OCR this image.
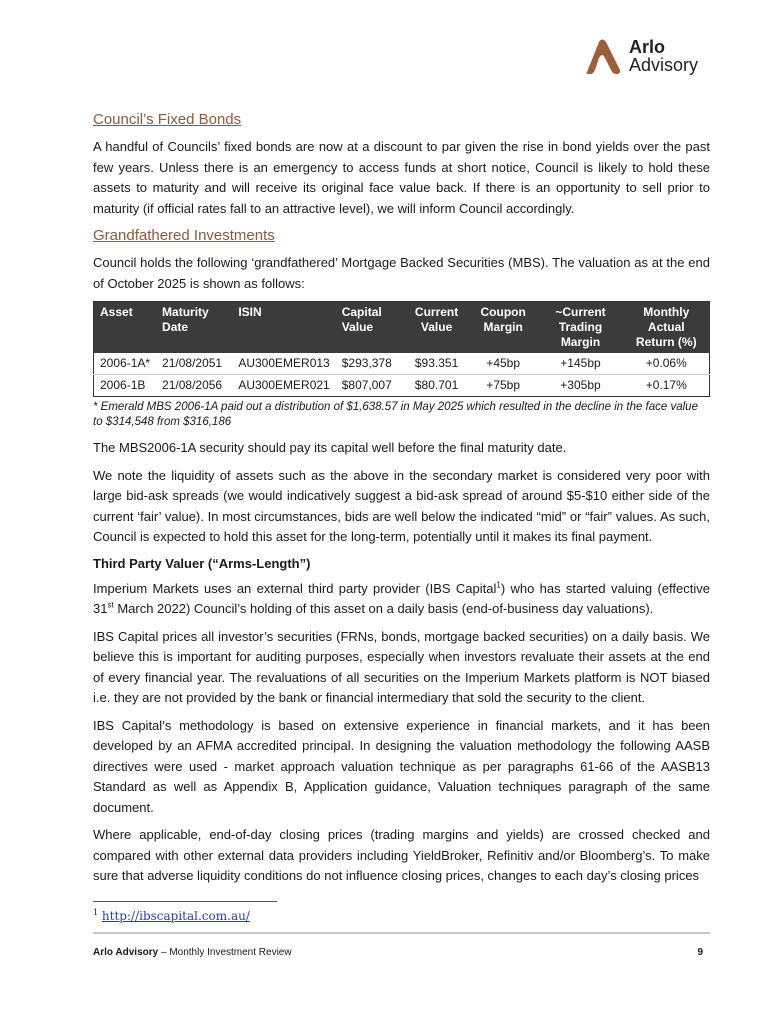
Arlo
Advisory
Council’s Fixed Bonds

A handful of Councils’ fixed bonds are now at a discount to par given the rise in bond yields over the past few years. Unless there is an emergency to access funds at short notice, Council is likely to hold these assets to maturity and will receive its original face value back. If there is an opportunity to sell prior to maturity (if official rates fall to an attractive level), we will inform Council accordingly.

Grandfathered Investments

Council holds the following ‘grandfathered’ Mortgage Backed Securities (MBS). The valuation as at the end of October 2025 is shown as follows:

Asset	Maturity Date	ISIN	Capital Value	Current Value	Coupon Margin	~Current Trading Margin	Monthly Actual Return (%)
2006-1A*	21/08/2051	AU300EMER013	$293,378	$93.351	+45bp	+145bp	+0.06%
2006-1B	21/08/2056	AU300EMER021	$807,007	$80.701	+75bp	+305bp	+0.17%
* Emerald MBS 2006-1A paid out a distribution of $1,638.57 in May 2025 which resulted in the decline in the face value to $314,548 from $316,186

The MBS2006-1A security should pay its capital well before the final maturity date.

We note the liquidity of assets such as the above in the secondary market is considered very poor with large bid-ask spreads (we would indicatively suggest a bid-ask spread of around $5-$10 either side of the current ‘fair’ value). In most circumstances, bids are well below the indicated “mid” or “fair” values. As such, Council is expected to hold this asset for the long-term, potentially until it makes its final payment.

Third Party Valuer (“Arms-Length”)

Imperium Markets uses an external third party provider (IBS Capital$^1$) who has started valuing (effective 31st March 2022) Council’s holding of this asset on a daily basis (end-of-business day valuations).

IBS Capital prices all investor’s securities (FRNs, bonds, mortgage backed securities) on a daily basis. We believe this is important for auditing purposes, especially when investors revaluate their assets at the end of every financial year. The revaluations of all securities on the Imperium Markets platform is NOT biased i.e. they are not provided by the bank or financial intermediary that sold the security to the client.

IBS Capital’s methodology is based on extensive experience in financial markets, and it has been developed by an AFMA accredited principal. In designing the valuation methodology the following AASB directives were used - market approach valuation technique as per paragraphs 61-66 of the AASB13 Standard as well as Appendix B, Application guidance, Valuation techniques paragraph of the same document.

Where applicable, end-of-day closing prices (trading margins and yields) are crossed checked and compared with other external data providers including YieldBroker, Refinitiv and/or Bloomberg’s. To make sure that adverse liquidity conditions do not influence closing prices, changes to each day’s closing prices

$^1$ http://ibscapital.com.au/
Arlo Advisory – Monthly Investment Review	9
